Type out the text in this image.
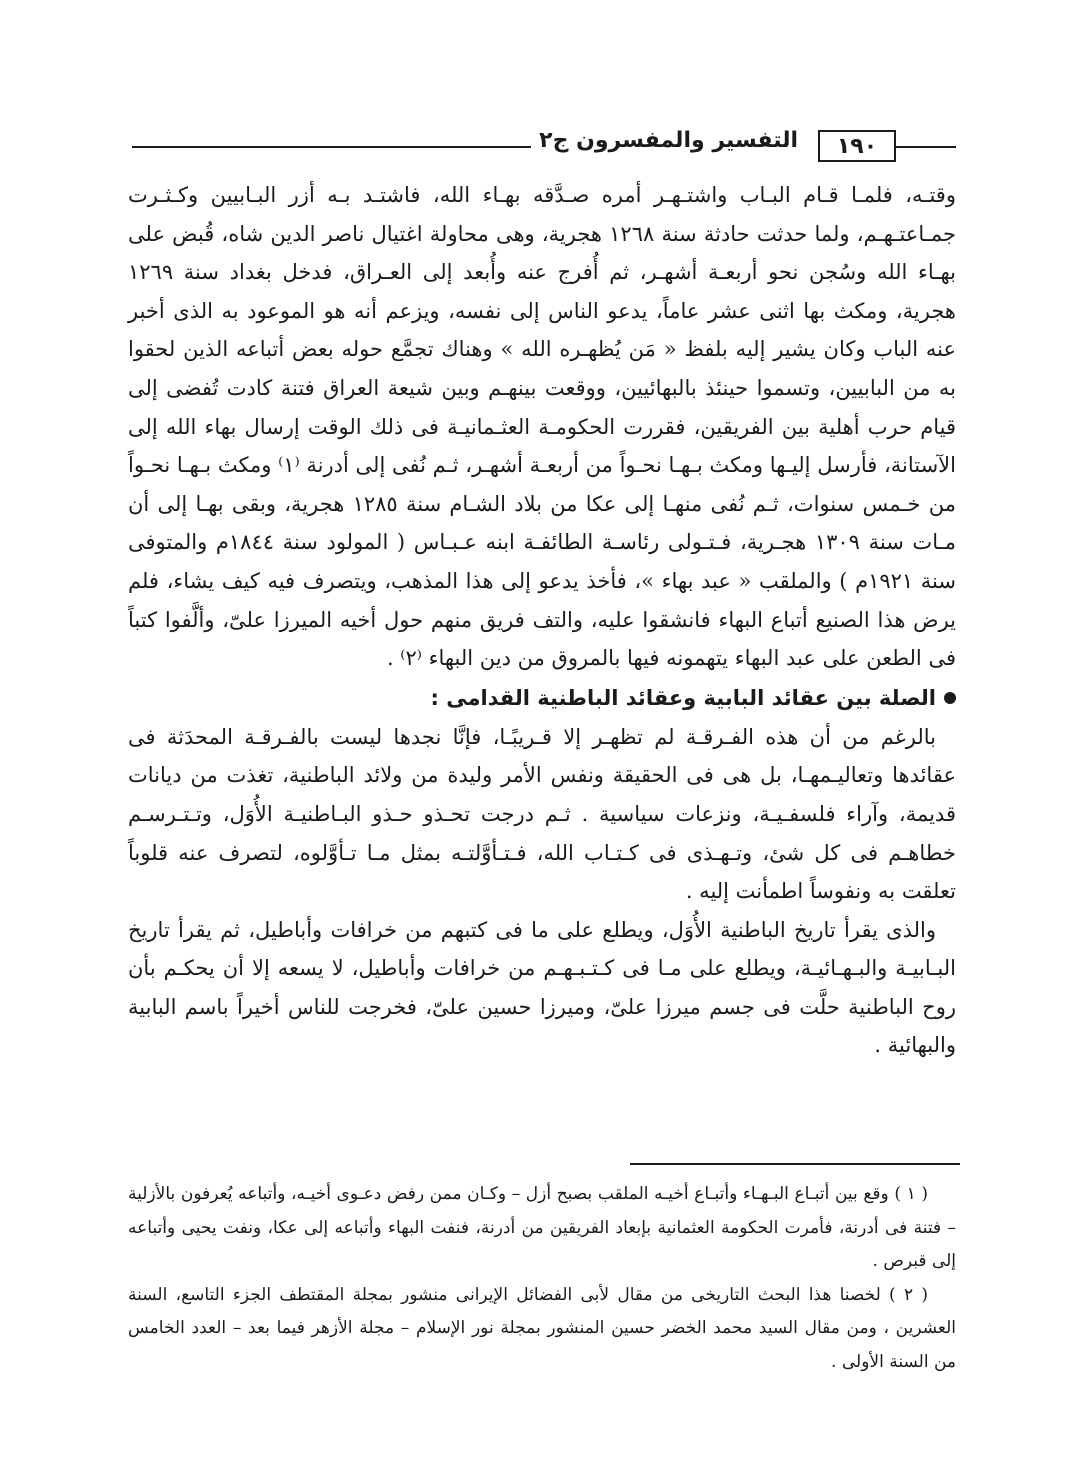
١٩٠
التفسير والمفسرون ج٢

وقتـه، فلمـا قـام البـاب واشتـهـر أمره صـدَّقه بهـاء الله، فاشتـد بـه أزر البـابيين وكـثـرت جمـاعتـهـم، ولما حدثت حادثة سنة ١٢٦٨ هجرية، وهى محاولة اغتيال ناصر الدين شاه، قُبض على بهـاء الله وسُجن نحو أربعـة أشهـر، ثم أُفرج عنه وأُبعد إلى العـراق، فدخل بغداد سنة ١٢٦٩ هجرية، ومكث بها اثنى عشر عاماً، يدعو الناس إلى نفسه، ويزعم أنه هو الموعود به الذى أخبر عنه الباب وكان يشير إليه بلفظ « مَن يُظهـره الله » وهناك تجمَّع حوله بعض أتباعه الذين لحقوا به من البابيين، وتسموا حينئذ بالبهائيين، ووقعت بينهـم وبين شيعة العراق فتنة كادت تُفضى إلى قيام حرب أهلية بين الفريقين، فقررت الحكومـة العثـمانيـة فى ذلك الوقت إرسال بهاء الله إلى الآستانة، فأرسل إليـها ومكث بـهـا نحـواً من أربعـة أشهـر، ثـم نُفى إلى أدرنة ⁽١⁾ ومكث بـهـا نحـواً من خـمس سنوات، ثـم نُفى منهـا إلى عكا من بلاد الشـام سنة ١٢٨٥ هجرية، وبقى بهـا إلى أن مـات سنة ١٣٠٩ هجـرية، فـتـولى رئاسـة الطائفـة ابنه عـبـاس ( المولود سنة ١٨٤٤م والمتوفى سنة ١٩٢١م ) والملقب « عبد بهاء »، فأخذ يدعو إلى هذا المذهب، ويتصرف فيه كيف يشاء، فلم يرض هذا الصنيع أتباع البهاء فانشقوا عليه، والتف فريق منهم حول أخيه الميرزا علىّ، وألَّفوا كتباً فى الطعن على عبد البهاء يتهمونه فيها بالمروق من دين البهاء ⁽٢⁾ .

الصلة بين عقائد البابية وعقائد الباطنية القدامى :

بالرغم من أن هذه الفـرقـة لم تظهـر إلا قـريبًـا، فإنَّا نجدها ليست بالفـرقـة المحدَثة فى عقائدها وتعاليـمهـا، بل هى فى الحقيقة ونفس الأمر وليدة من ولائد الباطنية، تغذت من ديانات قديمة، وآراء فلسفـيـة، ونزعات سياسية . ثـم درجت تحـذو حـذو البـاطنيـة الأُوَل، وتـتـرسـم خطاهـم فى كل شئ، وتـهـذى فى كـتـاب الله، فـتـأوَّلتـه بمثل مـا تـأوَّلوه، لتصرف عنه قلوباً تعلقت به ونفوساً اطمأنت إليه .

والذى يقرأ تاريخ الباطنية الأُوَل، ويطلع على ما فى كتبهم من خرافات وأباطيل، ثم يقرأ تاريخ البـابيـة والبـهـائيـة، ويطلع على مـا فى كـتـبـهـم من خرافات وأباطيل، لا يسعه إلا أن يحكـم بأن روح الباطنية حلَّت فى جسم ميرزا علىّ، وميرزا حسين علىّ، فخرجت للناس أخيراً باسم البابية والبهائية .

( ١ ) وقع بين أتبـاع البـهـاء وأتبـاع أخيـه الملقب بصبح أزل – وكـان ممن رفض دعـوى أخيـه، وأتباعه يُعرفون بالأزلية – فتنة فى أدرنة، فأمرت الحكومة العثمانية بإبعاد الفريقين من أدرنة، فنفت البهاء وأتباعه إلى عكا، ونفت يحيى وأتباعه إلى قبرص .

( ٢ ) لخصنا هذا البحث التاريخى من مقال لأبى الفضائل الإيرانى منشور بمجلة المقتطف الجزء التاسع، السنة العشرين ، ومن مقال السيد محمد الخضر حسين المنشور بمجلة نور الإسلام – مجلة الأزهر فيما بعد – العدد الخامس من السنة الأولى .
